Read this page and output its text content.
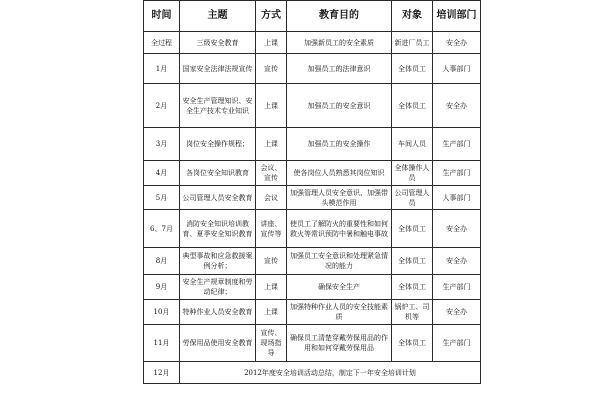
时间	主题	方式	教育目的	对象	培训部门
全过程	三级安全教育	上课	加强新员工的安全素质	新进厂员工	安全办
1月	国家安全法律法规宣传	宣传	加强员工的法律意识	全体员工	人事部门
2月	安全生产管理知识、安全生产技术专业知识	上课	加强员工的安全意识	全体员工	安全办
3月	岗位安全操作规程；	上课	加强员工的安全操作	车间人员	生产部门
4月	各岗位安全知识教育	会议、宣传	使各岗位人员熟悉其岗位知识	全体操作人员	生产部门
5月	公司管理人员安全教育	会议	加强管理人员安全意识、加强带头模范作用	公司管理人员	人事部门
6、7月	消防安全知识培训教育、夏季安全知识教育	讲座、宣传等	使员工了解防火的重要性和如何救火等常识预防中暑和触电事故	全体员工	安全办
8月	典型事故和应急救援案例分析；	宣传	加强员工安全意识和处理紧急情况的能力	全体员工	安全办
9月	安全生产规章制度和劳动纪律；	上课	确保安全生产	全体员工	生产部门
10月	特种作业人员安全教育	上课	加强特种作业人员的安全技能素质	锅炉工、司机等	安全办
11月	劳保用品使用安全教育	宣传、现场指导	确保员工清楚穿戴劳保用品的作用和如何穿戴劳保用品	全体员工	生产部门
12月	2012年度安全培训活动总结，制定下一年安全培训计划				
